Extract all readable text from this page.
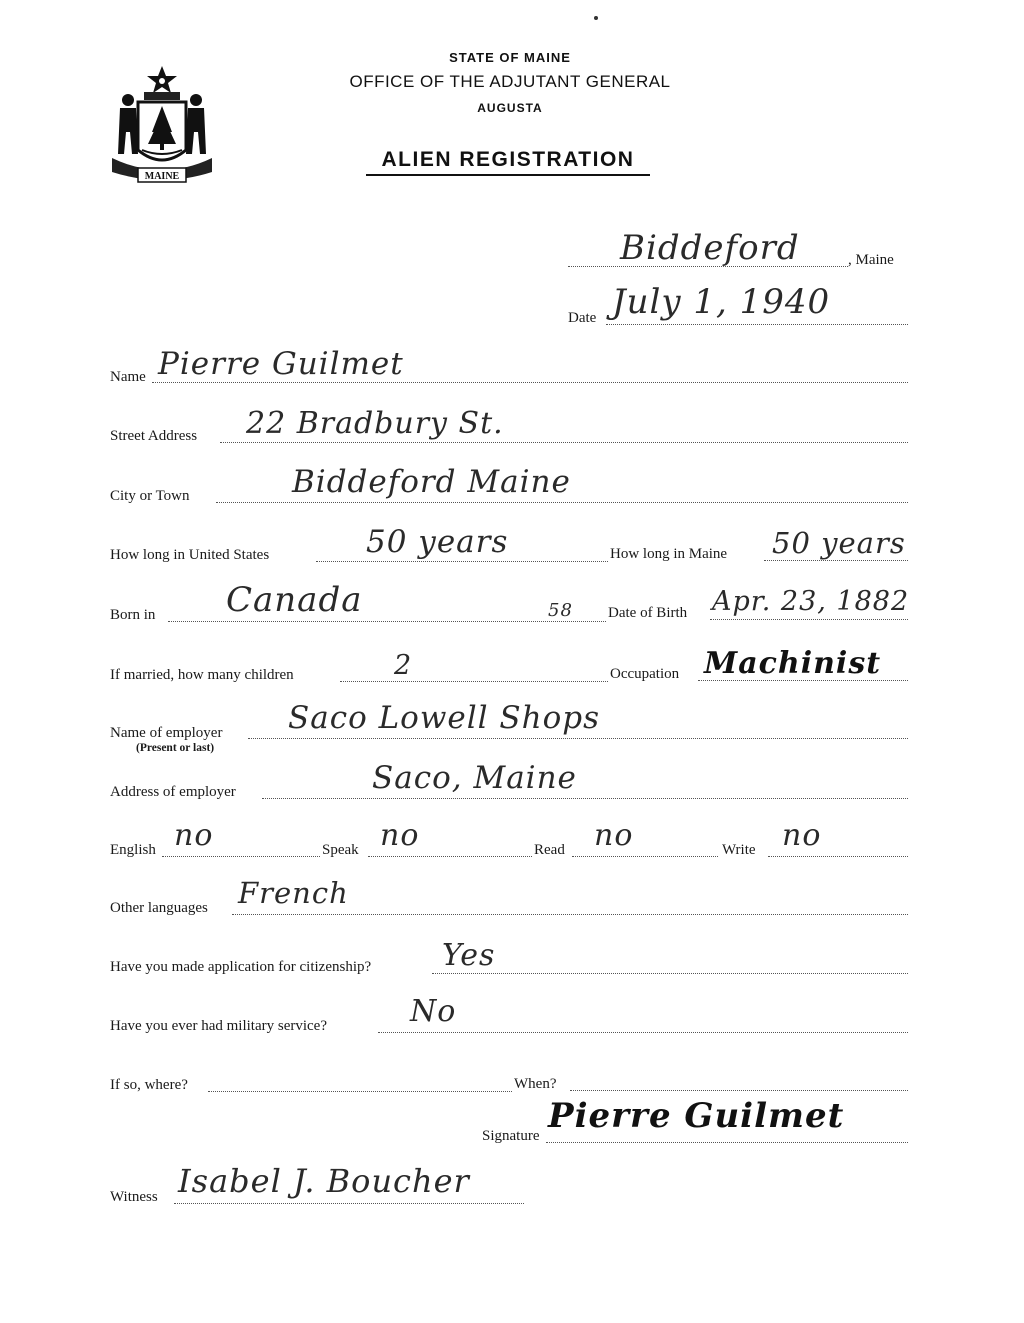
MAINE
STATE OF MAINE
OFFICE OF THE ADJUTANT GENERAL
AUGUSTA
ALIEN REGISTRATION
Biddeford	, Maine
Date July 1, 1940
Name Pierre Guilmet
Street Address 22 Bradbury St.
City or Town	Biddeford Maine
How long in United States	50 years	How long in Maine 50 years
Born in Canada	58 Date of Birth Apr. 23, 1882
If married, how many children	2	Occupation Machinist
Name of employer
(Present or last)
Saco Lowell Shops
Address of employer	Saco, Maine
English no	Speak no	Read no	Write no
Other languages French
Have you made application for citizenship? Yes
Have you ever had military service?	No
If so, where?	When?
Signature Pierre Guilmet
Witness Isabel J. Boucher
